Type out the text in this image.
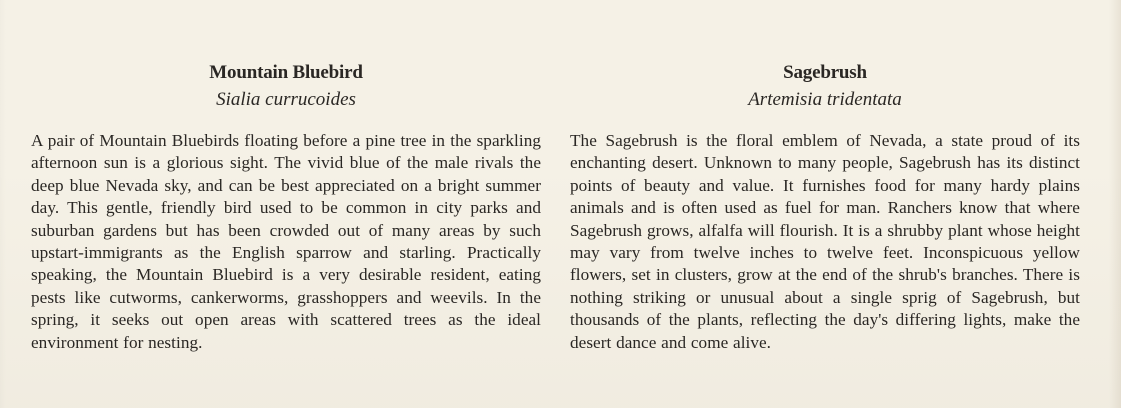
Mountain Bluebird
Sialia currucoides
A pair of Mountain Bluebirds floating before a pine tree in the sparkling afternoon sun is a glorious sight. The vivid blue of the male rivals the deep blue Nevada sky, and can be best appreciated on a bright summer day. This gentle, friendly bird used to be common in city parks and suburban gardens but has been crowded out of many areas by such upstart-immigrants as the English sparrow and starling. Practically speaking, the Mountain Bluebird is a very desirable resident, eating pests like cutworms, cankerworms, grasshoppers and weevils. In the spring, it seeks out open areas with scattered trees as the ideal environment for nesting.
Sagebrush
Artemisia tridentata
The Sagebrush is the floral emblem of Nevada, a state proud of its enchanting desert. Unknown to many people, Sagebrush has its distinct points of beauty and value. It furnishes food for many hardy plains animals and is often used as fuel for man. Ranchers know that where Sagebrush grows, alfalfa will flourish. It is a shrubby plant whose height may vary from twelve inches to twelve feet. Inconspicuous yellow flowers, set in clusters, grow at the end of the shrub's branches. There is nothing striking or unusual about a single sprig of Sagebrush, but thousands of the plants, reflecting the day's differing lights, make the desert dance and come alive.
